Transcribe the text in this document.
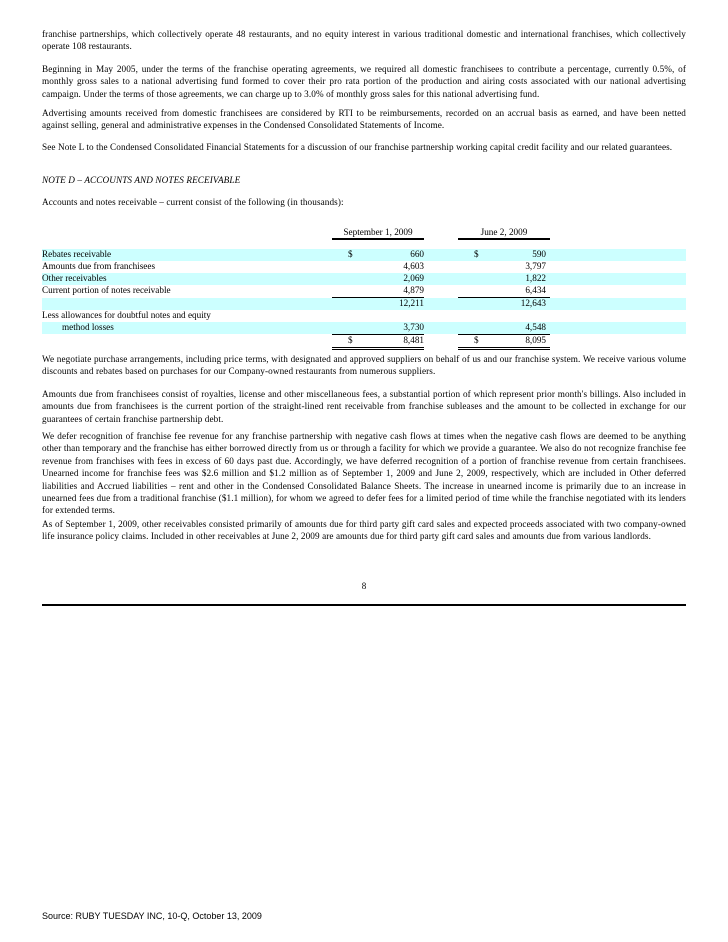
franchise partnerships, which collectively operate 48 restaurants, and no equity interest in various traditional domestic and international franchises, which collectively operate 108 restaurants.

Beginning in May 2005, under the terms of the franchise operating agreements, we required all domestic franchisees to contribute a percentage, currently 0.5%, of monthly gross sales to a national advertising fund formed to cover their pro rata portion of the production and airing costs associated with our national advertising campaign. Under the terms of those agreements, we can charge up to 3.0% of monthly gross sales for this national advertising fund.

Advertising amounts received from domestic franchisees are considered by RTI to be reimbursements, recorded on an accrual basis as earned, and have been netted against selling, general and administrative expenses in the Condensed Consolidated Statements of Income.

See Note L to the Condensed Consolidated Financial Statements for a discussion of our franchise partnership working capital credit facility and our related guarantees.

NOTE D – ACCOUNTS AND NOTES RECEIVABLE

Accounts and notes receivable – current consist of the following (in thousands):

September 1, 2009	June 2, 2009
Rebates receivable	$	660	$	590
Amounts due from franchisees	4,603	3,797
Other receivables	2,069	1,822
Current portion of notes receivable	4,879	6,434
12,211	12,643
Less allowances for doubtful notes and equity
method losses	3,730	4,548
$	8,481	$	8,095

We negotiate purchase arrangements, including price terms, with designated and approved suppliers on behalf of us and our franchise system. We receive various volume discounts and rebates based on purchases for our Company-owned restaurants from numerous suppliers.

Amounts due from franchisees consist of royalties, license and other miscellaneous fees, a substantial portion of which represent prior month's billings. Also included in amounts due from franchisees is the current portion of the straight-lined rent receivable from franchise subleases and the amount to be collected in exchange for our guarantees of certain franchise partnership debt.

We defer recognition of franchise fee revenue for any franchise partnership with negative cash flows at times when the negative cash flows are deemed to be anything other than temporary and the franchise has either borrowed directly from us or through a facility for which we provide a guarantee. We also do not recognize franchise fee revenue from franchises with fees in excess of 60 days past due. Accordingly, we have deferred recognition of a portion of franchise revenue from certain franchisees. Unearned income for franchise fees was $2.6 million and $1.2 million as of September 1, 2009 and June 2, 2009, respectively, which are included in Other deferred liabilities and Accrued liabilities – rent and other in the Condensed Consolidated Balance Sheets. The increase in unearned income is primarily due to an increase in unearned fees due from a traditional franchise ($1.1 million), for whom we agreed to defer fees for a limited period of time while the franchise negotiated with its lenders for extended terms.

As of September 1, 2009, other receivables consisted primarily of amounts due for third party gift card sales and expected proceeds associated with two company-owned life insurance policy claims. Included in other receivables at June 2, 2009 are amounts due for third party gift card sales and amounts due from various landlords.

8
Source: RUBY TUESDAY INC, 10-Q, October 13, 2009
